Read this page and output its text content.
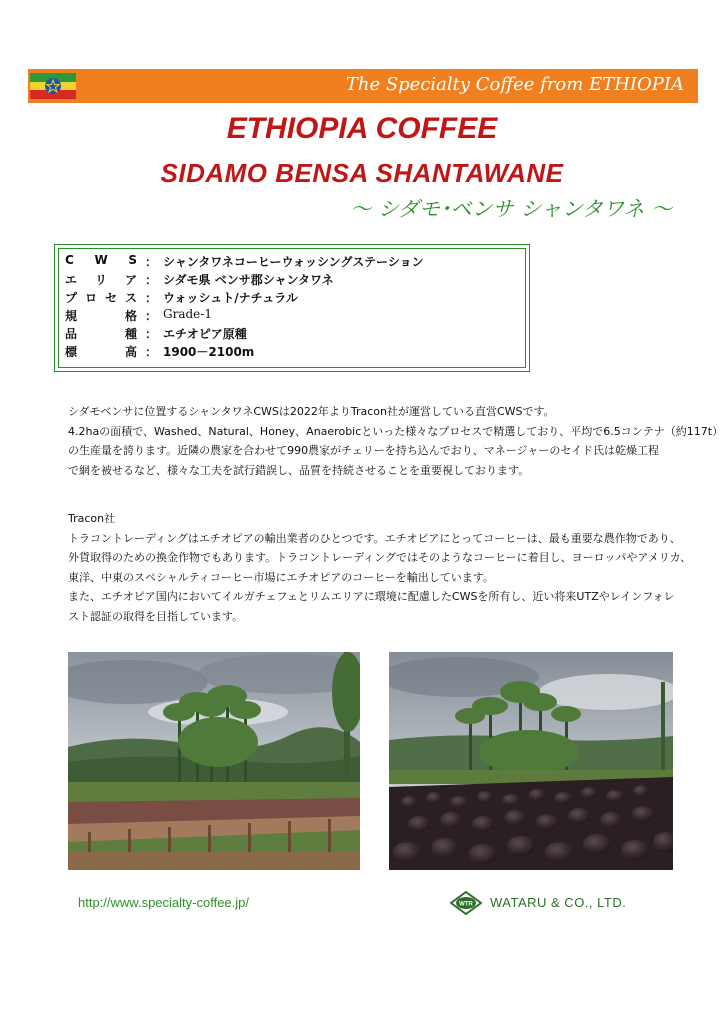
The Specialty Coffee from ETHIOPIA
ETHIOPIA COFFEE
SIDAMO BENSA SHANTAWANE
～ シダモ･ベンサ シャンタワネ ～
C W S ： シャンタワネコーヒーウォッシングステーション
エ リ ア ： シダモ県 ベンサ郡シャンタワネ
プロセス ： ウォッシュト/ナチュラル
規　 格 ： Grade-1
品　 種 ： エチオピア原種
標　 高 ： 1900－2100m
シダモベンサに位置するシャンタワネCWSは2022年よりTracon社が運営している直営CWSです。
4.2haの面積で、Washed、Natural、Honey、Anaerobicといった様々なプロセスで精選しており、平均で6.5コンテナ（約117t）
の生産量を誇ります。近隣の農家を合わせて990農家がチェリーを持ち込んでおり、マネージャーのセイド氏は乾燥工程
で網を被せるなど、様々な工夫を試行錯誤し、品質を持続させることを重要視しております。
Tracon社
トラコントレーディングはエチオピアの輸出業者のひとつです。エチオピアにとってコーヒーは、最も重要な農作物であり、
外貨取得のための換金作物でもあります。トラコントレーディングではそのようなコーヒーに着目し、ヨーロッパやアメリカ、
東洋、中東のスペシャルティコーヒー市場にエチオピアのコーヒーを輸出しています。
また、エチオピア国内においてイルガチェフェとリムエリアに環境に配慮したCWSを所有し、近い将来UTZやレインフォレ
スト認証の取得を目指しています。
http://www.specialty-coffee.jp/	WTR WATARU & CO., LTD.
